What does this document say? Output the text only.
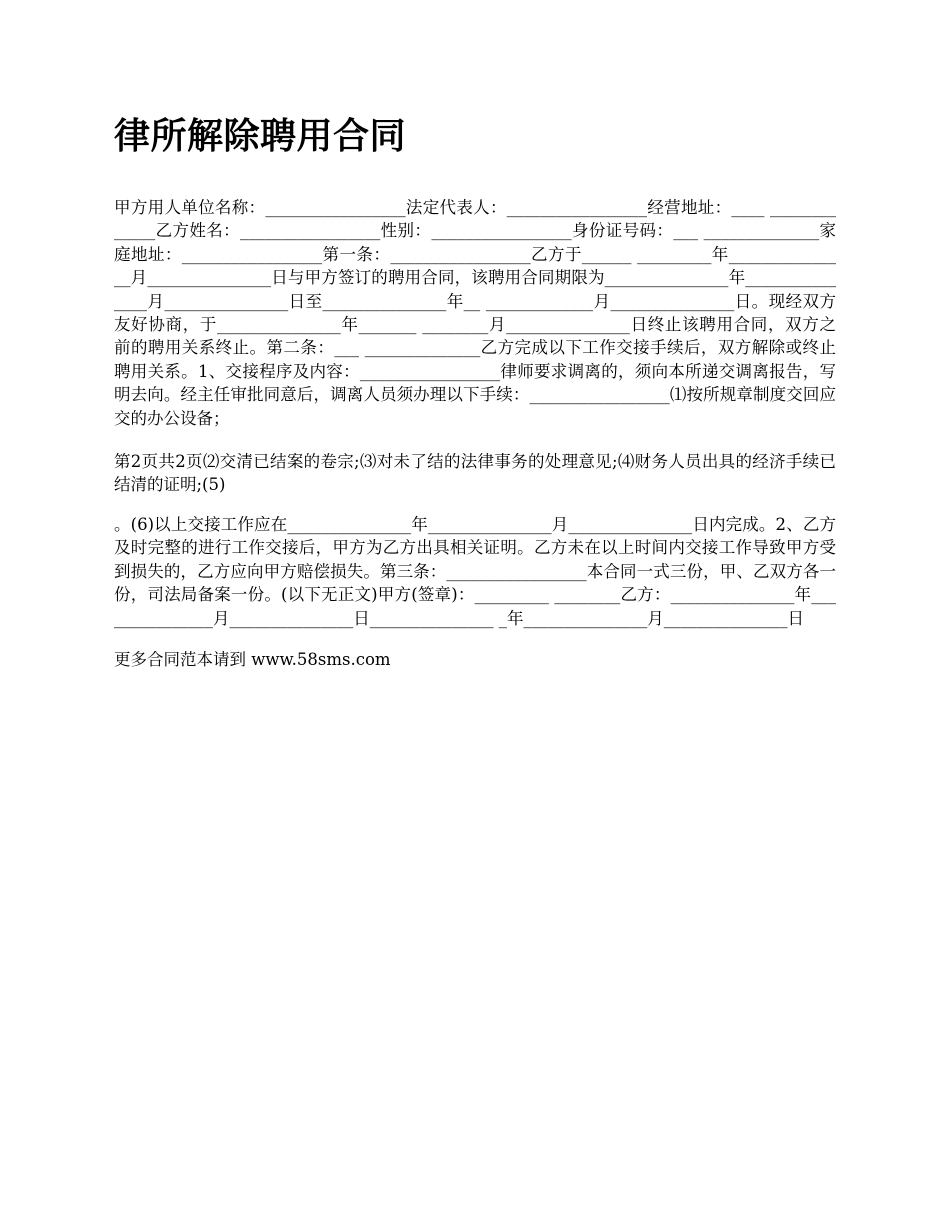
律所解除聘用合同

甲方用人单位名称：_________________法定代表人：_________________经营地址：____ _____________乙方姓名：_________________性别：_________________身份证号码：___ ______________家庭地址：_________________第一条：_________________乙方于______ _________年_______________月_______________日与甲方签订的聘用合同，该聘用合同期限为_______________年_______________月_______________日至_______________年__ _____________月_______________日。现经双方友好协商，于_______________年_______ ________月_______________日终止该聘用合同，双方之前的聘用关系终止。第二条：___ ______________乙方完成以下工作交接手续后，双方解除或终止聘用关系。1、交接程序及内容：_________________律师要求调离的，须向本所递交调离报告，写明去向。经主任审批同意后，调离人员须办理以下手续：_________________⑴按所规章制度交回应交的办公设备；

第2页共2页⑵交清已结案的卷宗;⑶对未了结的法律事务的处理意见;⑷财务人员出具的经济手续已结清的证明;(5)

。(6)以上交接工作应在_______________年_______________月_______________日内完成。2、乙方及时完整的进行工作交接后，甲方为乙方出具相关证明。乙方未在以上时间内交接工作导致甲方受到损失的，乙方应向甲方赔偿损失。第三条：_________________本合同一式三份，甲、乙双方各一份，司法局备案一份。(以下无正文)甲方(签章)：_________ ________乙方：_______________年_______________月_______________日_______________ _年_______________月_______________日

更多合同范本请到 www.58sms.com
